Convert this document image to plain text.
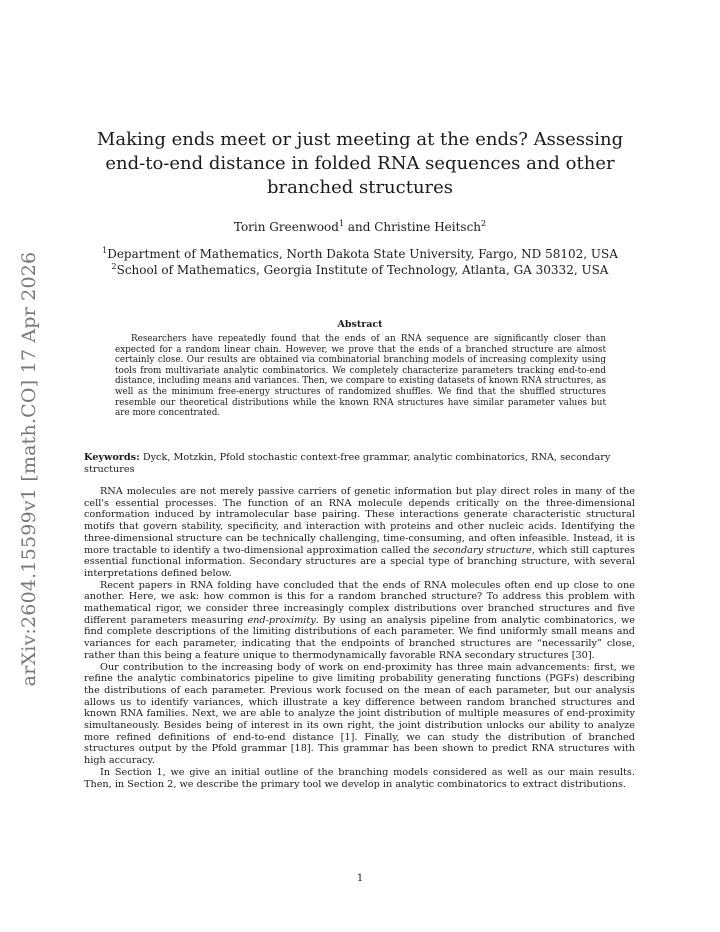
arXiv:2604.15599v1 [math.CO] 17 Apr 2026
Making ends meet or just meeting at the ends? Assessing end-to-end distance in folded RNA sequences and other branched structures
Torin Greenwood$^1$ and Christine Heitsch$^2$
$^1$Department of Mathematics, North Dakota State University, Fargo, ND 58102, USA
$^2$School of Mathematics, Georgia Institute of Technology, Atlanta, GA 30332, USA
Abstract

Researchers have repeatedly found that the ends of an RNA sequence are significantly closer than expected for a random linear chain. However, we prove that the ends of a branched structure are almost certainly close. Our results are obtained via combinatorial branching models of increasing complexity using tools from multivariate analytic combinatorics. We completely characterize parameters tracking end-to-end distance, including means and variances. Then, we compare to existing datasets of known RNA structures, as well as the minimum free-energy structures of randomized shuffles. We find that the shuffled structures resemble our theoretical distributions while the known RNA structures have similar parameter values but are more concentrated.

Keywords: Dyck, Motzkin, Pfold stochastic context-free grammar, analytic combinatorics, RNA, secondary structures

RNA molecules are not merely passive carriers of genetic information but play direct roles in many of the cell's essential processes. The function of an RNA molecule depends critically on the three-dimensional conformation induced by intramolecular base pairing. These interactions generate characteristic structural motifs that govern stability, specificity, and interaction with proteins and other nucleic acids. Identifying the three-dimensional structure can be technically challenging, time-consuming, and often infeasible. Instead, it is more tractable to identify a two-dimensional approximation called the secondary structure, which still captures essential functional information. Secondary structures are a special type of branching structure, with several interpretations defined below.

Recent papers in RNA folding have concluded that the ends of RNA molecules often end up close to one another. Here, we ask: how common is this for a random branched structure? To address this problem with mathematical rigor, we consider three increasingly complex distributions over branched structures and five different parameters measuring end-proximity. By using an analysis pipeline from analytic combinatorics, we find complete descriptions of the limiting distributions of each parameter. We find uniformly small means and variances for each parameter, indicating that the endpoints of branched structures are “necessarily” close, rather than this being a feature unique to thermodynamically favorable RNA secondary structures [30].

Our contribution to the increasing body of work on end-proximity has three main advancements: first, we refine the analytic combinatorics pipeline to give limiting probability generating functions (PGFs) describing the distributions of each parameter. Previous work focused on the mean of each parameter, but our analysis allows us to identify variances, which illustrate a key difference between random branched structures and known RNA families. Next, we are able to analyze the joint distribution of multiple measures of end-proximity simultaneously. Besides being of interest in its own right, the joint distribution unlocks our ability to analyze more refined definitions of end-to-end distance [1]. Finally, we can study the distribution of branched structures output by the Pfold grammar [18]. This grammar has been shown to predict RNA structures with high accuracy.

In Section 1, we give an initial outline of the branching models considered as well as our main results. Then, in Section 2, we describe the primary tool we develop in analytic combinatorics to extract distributions.

1
